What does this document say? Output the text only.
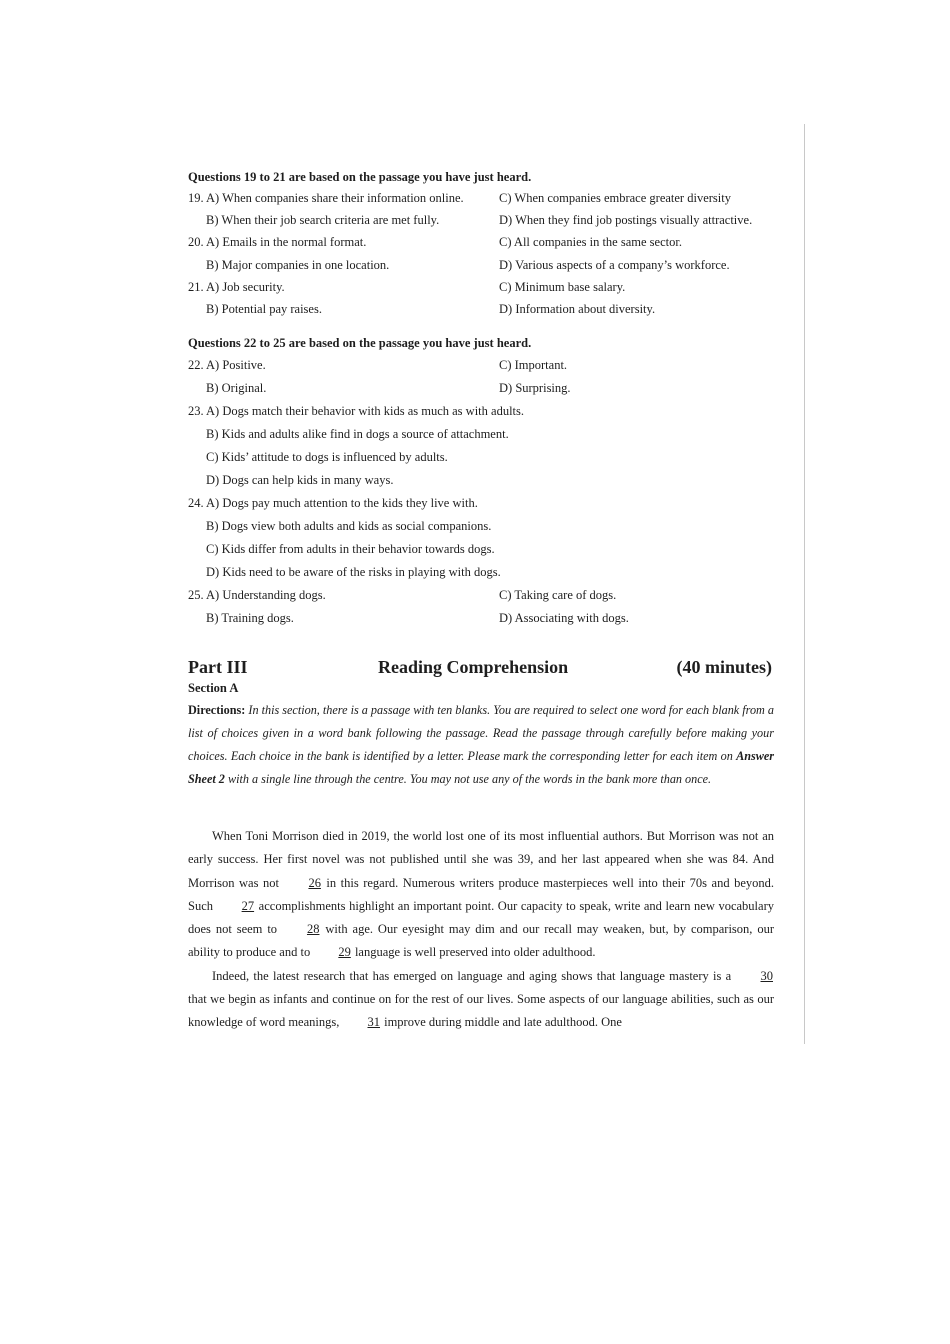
Questions 19 to 21 are based on the passage you have just heard.
19. A) When companies share their information online.	C) When companies embrace greater diversity
B) When their job search criteria are met fully.	D) When they find job postings visually attractive.
20. A) Emails in the normal format.	C) All companies in the same sector.
B) Major companies in one location.	D) Various aspects of a company’s workforce.
21. A) Job security.	C) Minimum base salary.
B) Potential pay raises.	D) Information about diversity.
Questions 22 to 25 are based on the passage you have just heard.
22. A) Positive.	C) Important.
B) Original.	D) Surprising.
23. A) Dogs match their behavior with kids as much as with adults.
B) Kids and adults alike find in dogs a source of attachment.
C) Kids’ attitude to dogs is influenced by adults.
D) Dogs can help kids in many ways.
24. A) Dogs pay much attention to the kids they live with.
B) Dogs view both adults and kids as social companions.
C) Kids differ from adults in their behavior towards dogs.
D) Kids need to be aware of the risks in playing with dogs.
25. A) Understanding dogs.	C) Taking care of dogs.
B) Training dogs.	D) Associating with dogs.
Part III	Reading Comprehension	(40 minutes)
Section A
Directions: In this section, there is a passage with ten blanks. You are required to select one word for each blank from a list of choices given in a word bank following the passage. Read the passage through carefully before making your choices. Each choice in the bank is identified by a letter. Please mark the corresponding letter for each item on Answer Sheet 2 with a single line through the centre. You may not use any of the words in the bank more than once.

When Toni Morrison died in 2019, the world lost one of its most influential authors. But Morrison was not an early success. Her first novel was not published until she was 39, and her last appeared when she was 84. And Morrison was not 26 in this regard. Numerous writers produce masterpieces well into their 70s and beyond. Such 27 accomplishments highlight an important point. Our capacity to speak, write and learn new vocabulary does not seem to 28 with age. Our eyesight may dim and our recall may weaken, but, by comparison, our ability to produce and to 29 language is well preserved into older adulthood.

Indeed, the latest research that has emerged on language and aging shows that language mastery is a 30 that we begin as infants and continue on for the rest of our lives. Some aspects of our language abilities, such as our knowledge of word meanings, 31 improve during middle and late adulthood. One
